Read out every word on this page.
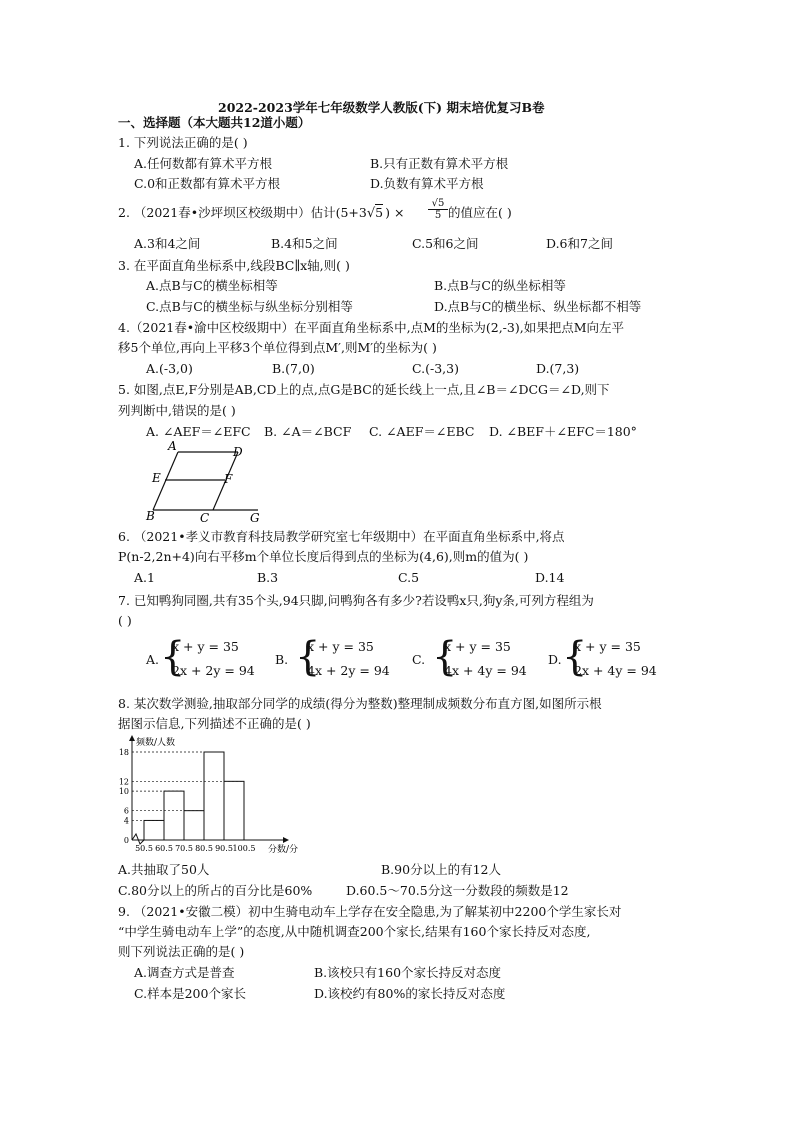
2022-2023学年七年级数学人教版(下) 期末培优复习B卷
一、选择题（本大题共12道小题）
1. 下列说法正确的是( )
A.任何数都有算术平方根	B.只有正数有算术平方根
C.0和正数都有算术平方根	D.负数有算术平方根
2. （2021春•沙坪坝区校级期中）估计(5+3√5 ) × $\frac{√5}{5}$ 的值应在( )
A.3和4之间	B.4和5之间	C.5和6之间	D.6和7之间
3. 在平面直角坐标系中,线段BC∥x轴,则( )
A.点B与C的横坐标相等	B.点B与C的纵坐标相等
C.点B与C的横坐标与纵坐标分别相等	D.点B与C的横坐标、纵坐标都不相等
4.（2021春•渝中区校级期中）在平面直角坐标系中,点M的坐标为(2,-3),如果把点M向左平
移5个单位,再向上平移3个单位得到点M′,则M′的坐标为( )
A.(-3,0)	B.(7,0)	C.(-3,3)	D.(7,3)
5. 如图,点E,F分别是AB,CD上的点,点G是BC的延长线上一点,且∠B＝∠DCG＝∠D,则下
列判断中,错误的是( )
A. ∠AEF＝∠EFC B. ∠A＝∠BCF C. ∠AEF＝∠EBC D. ∠BEF＋∠EFC＝180°
A	D
E	F
B	C	G
6. （2021•孝义市教育科技局教学研究室七年级期中）在平面直角坐标系中,将点
P(n-2,2n+4)向右平移m个单位长度后得到点的坐标为(4,6),则m的值为( )
A.1	B.3	C.5	D.14
7. 已知鸭狗同圈,共有35个头,94只脚,问鸭狗各有多少?若设鸭x只,狗y条,可列方程组为
( )
A. {
x + y = 35
2x + 2y = 94
B. {
x + y = 35
4x + 2y = 94
C. {
x + y = 35
4x + 4y = 94
D. {
x + y = 35
2x + 4y = 94
8. 某次数学测验,抽取部分同学的成绩(得分为整数)整理制成频数分布直方图,如图所示根
据图示信息,下列描述不正确的是( )
0
4
6
10
12
18
50.5 60.5 70.5 80.5 90.5 100.5
频数/人数
分数/分
A.共抽取了50人	B.90分以上的有12人
C.80分以上的所占的百分比是60%	D.60.5～70.5分这一分数段的频数是12
9. （2021•安徽二模）初中生骑电动车上学存在安全隐患,为了解某初中2200个学生家长对
“中学生骑电动车上学”的态度,从中随机调查200个家长,结果有160个家长持反对态度,
则下列说法正确的是( )
A.调查方式是普查	B.该校只有160个家长持反对态度
C.样本是200个家长	D.该校约有80%的家长持反对态度
